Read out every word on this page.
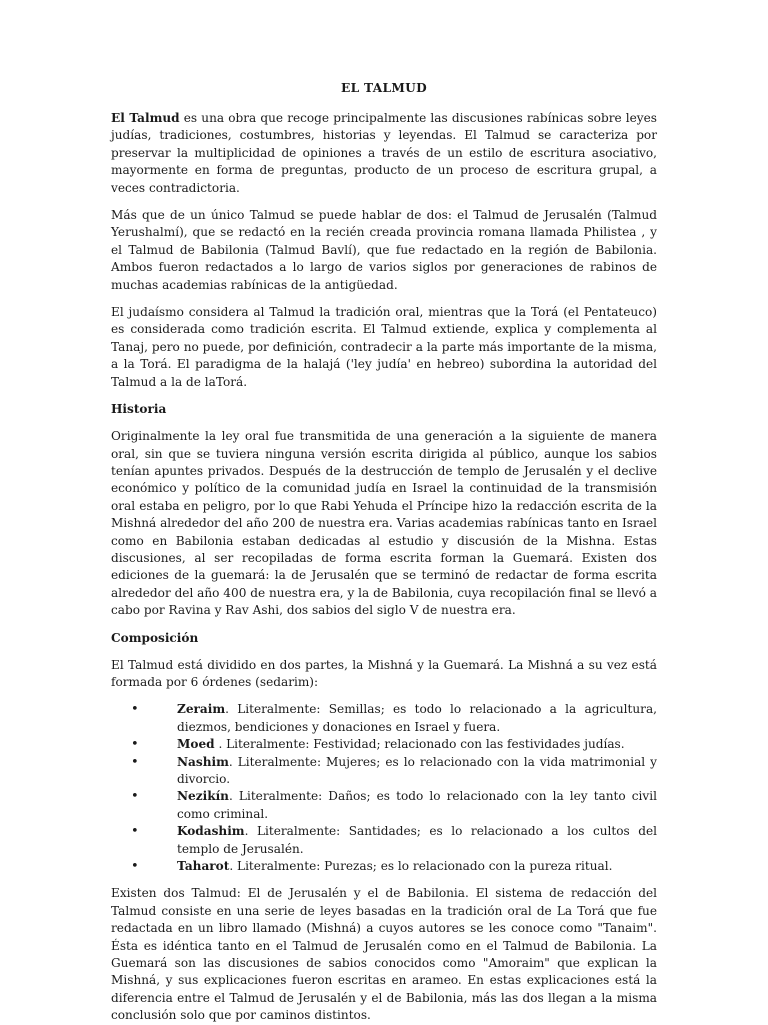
EL TALMUD

El Talmud es una obra que recoge principalmente las discusiones rabínicas sobre leyes judías, tradiciones, costumbres, historias y leyendas. El Talmud se caracteriza por preservar la multiplicidad de opiniones a través de un estilo de escritura asociativo, mayormente en forma de preguntas, producto de un proceso de escritura grupal, a veces contradictoria.

Más que de un único Talmud se puede hablar de dos: el Talmud de Jerusalén (Talmud Yerushalmí), que se redactó en la recién creada provincia romana llamada Philistea , y el Talmud de Babilonia (Talmud Bavlí), que fue redactado en la región de Babilonia. Ambos fueron redactados a lo largo de varios siglos por generaciones de rabinos de muchas academias rabínicas de la antigüedad.

El judaísmo considera al Talmud la tradición oral, mientras que la Torá (el Pentateuco) es considerada como tradición escrita. El Talmud extiende, explica y complementa al Tanaj, pero no puede, por definición, contradecir a la parte más importante de la misma, a la Torá. El paradigma de la halajá ('ley judía' en hebreo) subordina la autoridad del Talmud a la de laTorá.

Historia

Originalmente la ley oral fue transmitida de una generación a la siguiente de manera oral, sin que se tuviera ninguna versión escrita dirigida al público, aunque los sabios tenían apuntes privados. Después de la destrucción de templo de Jerusalén y el declive económico y político de la comunidad judía en Israel la continuidad de la transmisión oral estaba en peligro, por lo que Rabi Yehuda el Príncipe hizo la redacción escrita de la Mishná alrededor del año 200 de nuestra era. Varias academias rabínicas tanto en Israel como en Babilonia estaban dedicadas al estudio y discusión de la Mishna. Estas discusiones, al ser recopiladas de forma escrita forman la Guemará. Existen dos ediciones de la guemará: la de Jerusalén que se terminó de redactar de forma escrita alrededor del año 400 de nuestra era, y la de Babilonia, cuya recopilación final se llevó a cabo por Ravina y Rav Ashi, dos sabios del siglo V de nuestra era.

Composición

El Talmud está dividido en dos partes, la Mishná y la Guemará. La Mishná a su vez está formada por 6 órdenes (sedarim):

•	Zeraim. Literalmente: Semillas; es todo lo relacionado a la agricultura, diezmos, bendiciones y donaciones en Israel y fuera.
•	Moed . Literalmente: Festividad; relacionado con las festividades judías.
•	Nashim. Literalmente: Mujeres; es lo relacionado con la vida matrimonial y divorcio.
•	Nezikín. Literalmente: Daños; es todo lo relacionado con la ley tanto civil como criminal.
•	Kodashim. Literalmente: Santidades; es lo relacionado a los cultos del templo de Jerusalén.
•	Taharot. Literalmente: Purezas; es lo relacionado con la pureza ritual.

Existen dos Talmud: El de Jerusalén y el de Babilonia. El sistema de redacción del Talmud consiste en una serie de leyes basadas en la tradición oral de La Torá que fue redactada en un libro llamado (Mishná) a cuyos autores se les conoce como "Tanaim". Ésta es idéntica tanto en el Talmud de Jerusalén como en el Talmud de Babilonia. La Guemará son las discusiones de sabios conocidos como "Amoraim" que explican la Mishná, y sus explicaciones fueron escritas en arameo. En estas explicaciones está la diferencia entre el Talmud de Jerusalén y el de Babilonia, más las dos llegan a la misma conclusión solo que por caminos distintos.
